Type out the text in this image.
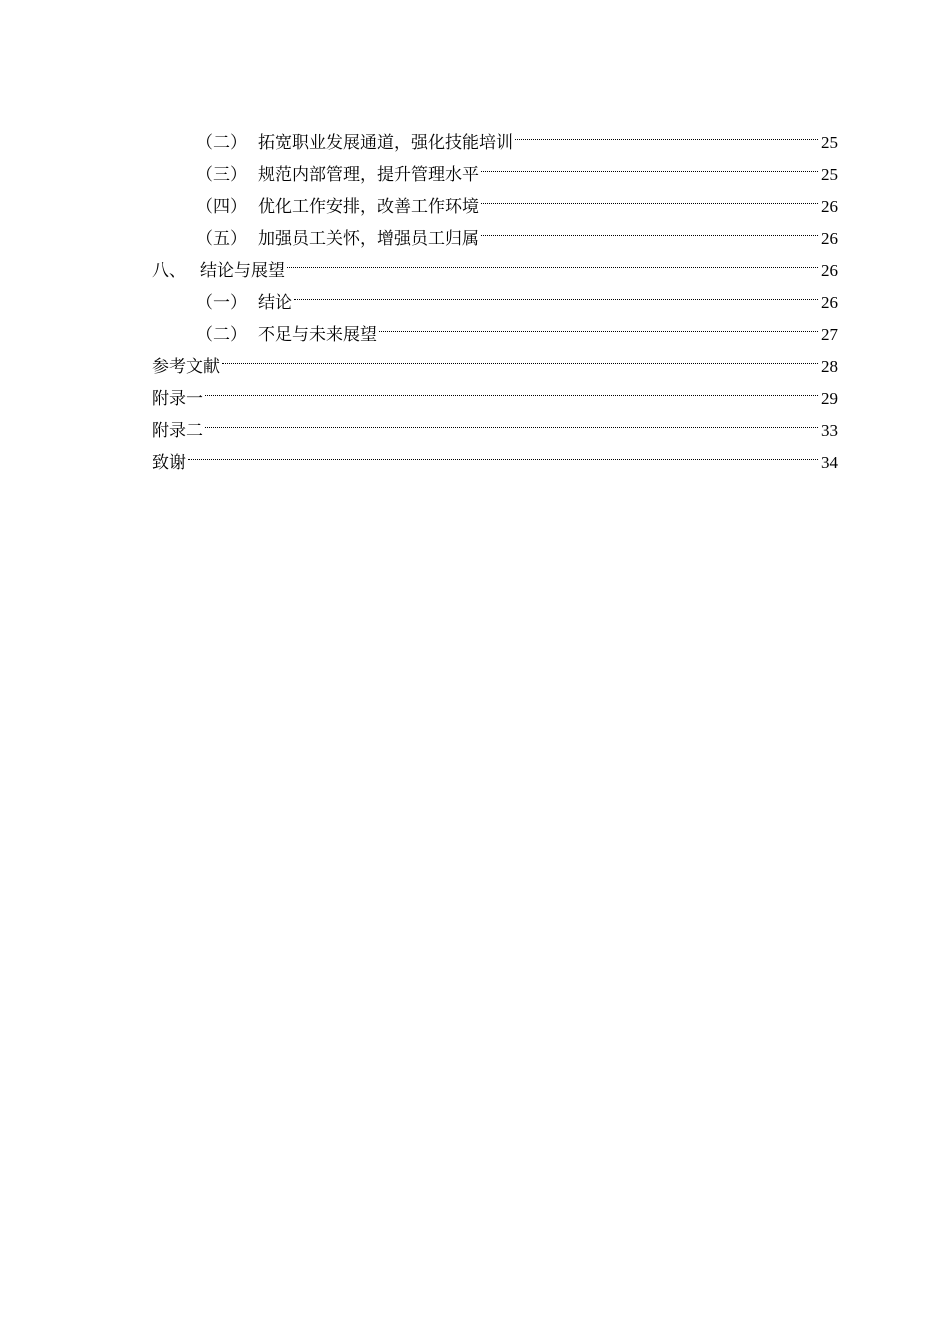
（二） 拓宽职业发展通道，强化技能培训	25
（三） 规范内部管理，提升管理水平	25
（四） 优化工作安排，改善工作环境	26
（五） 加强员工关怀，增强员工归属	26
八、 结论与展望	26
（一） 结论	26
（二） 不足与未来展望	27
参考文献	28
附录一	29
附录二	33
致谢	34
